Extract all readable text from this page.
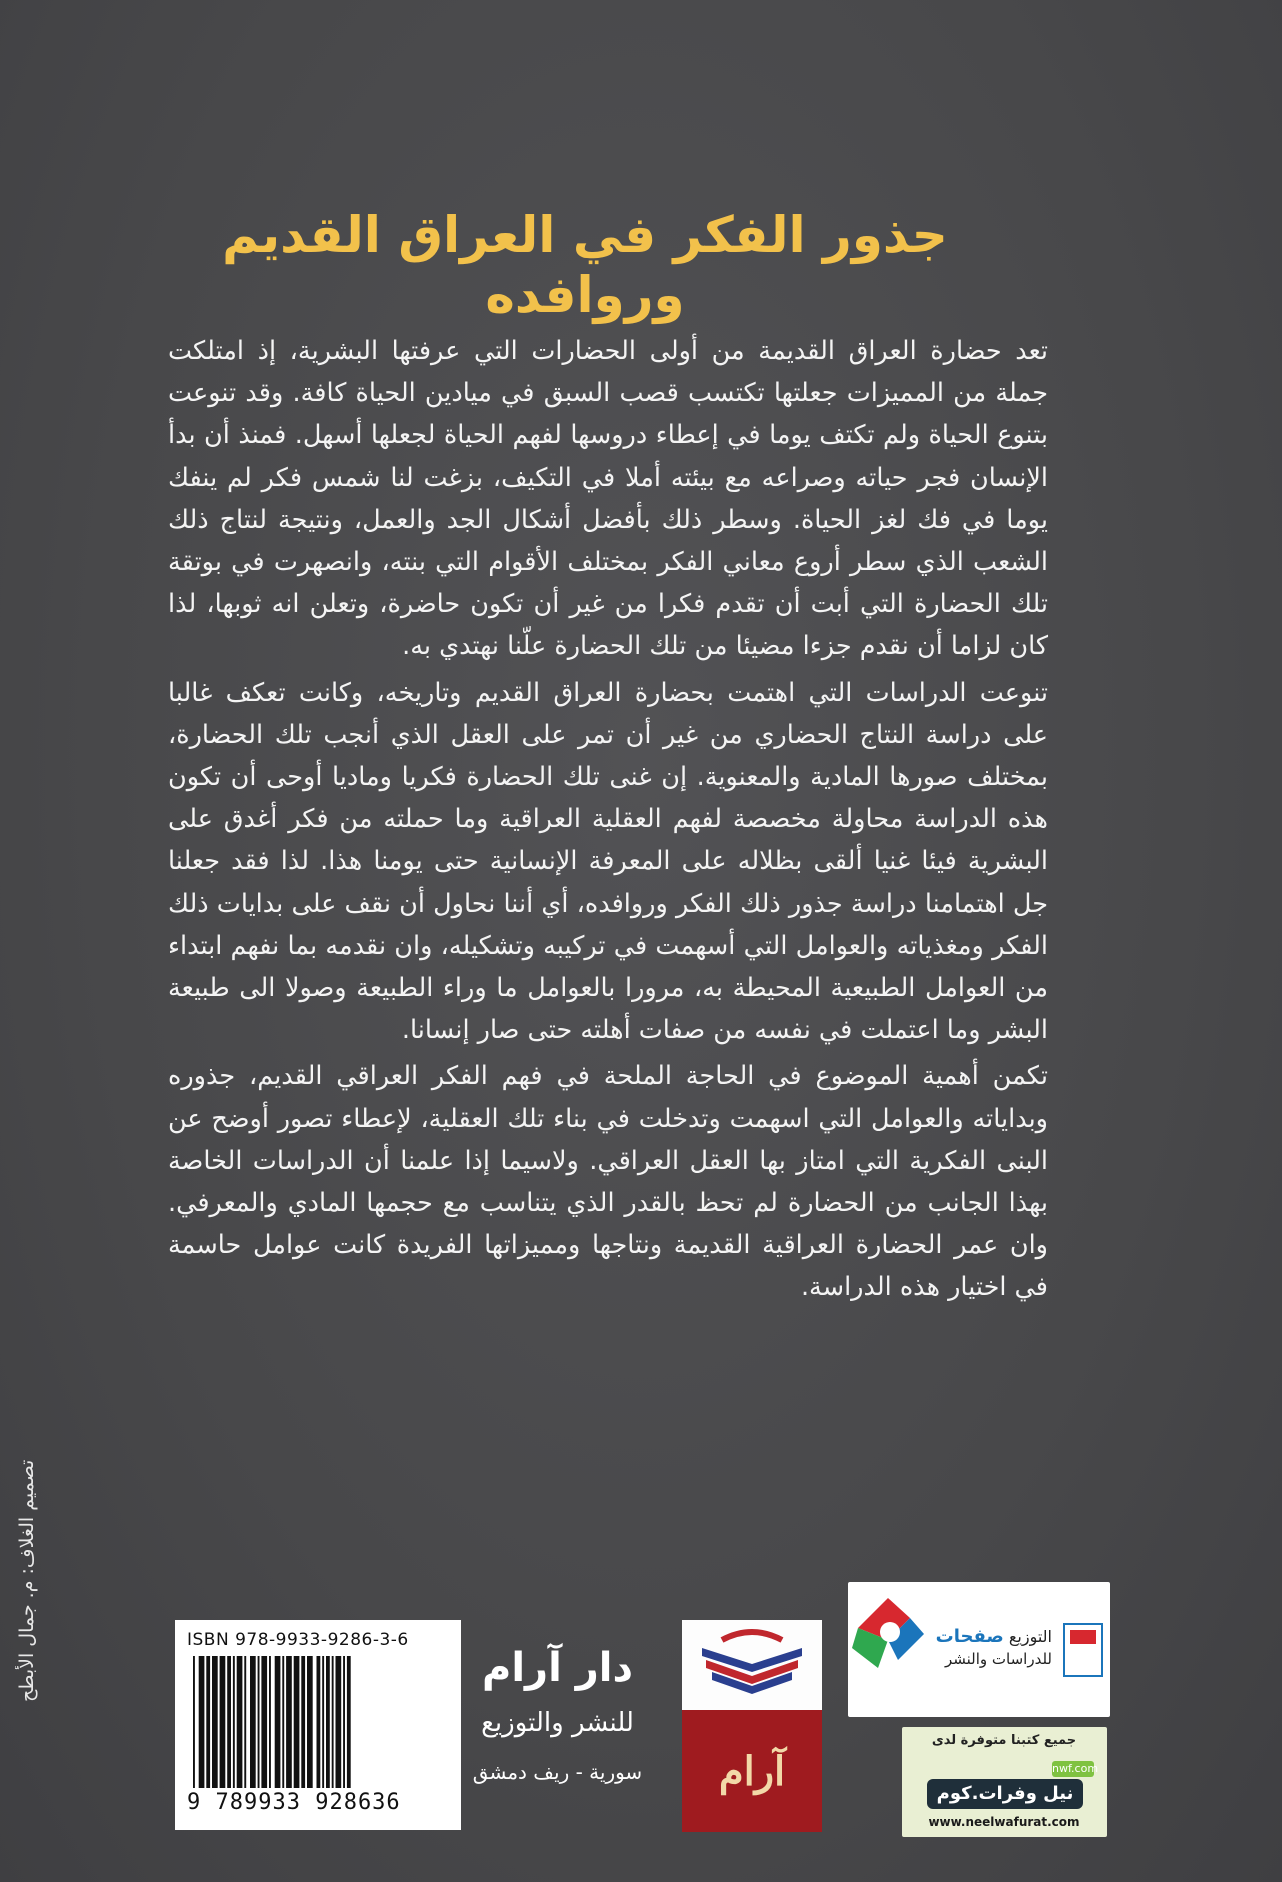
جذور الفكر في العراق القديم وروافده

تعد حضارة العراق القديمة من أولى الحضارات التي عرفتها البشرية، إذ امتلكت جملة من المميزات جعلتها تكتسب قصب السبق في ميادين الحياة كافة. وقد تنوعت بتنوع الحياة ولم تكتف يوما في إعطاء دروسها لفهم الحياة لجعلها أسهل. فمنذ أن بدأ الإنسان فجر حياته وصراعه مع بيئته أملا في التكيف، بزغت لنا شمس فكر لم ينفك يوما في فك لغز الحياة. وسطر ذلك بأفضل أشكال الجد والعمل، ونتيجة لنتاج ذلك الشعب الذي سطر أروع معاني الفكر بمختلف الأقوام التي بنته، وانصهرت في بوتقة تلك الحضارة التي أبت أن تقدم فكرا من غير أن تكون حاضرة، وتعلن انه ثوبها، لذا كان لزاما أن نقدم جزءا مضيئا من تلك الحضارة علّنا نهتدي به.

تنوعت الدراسات التي اهتمت بحضارة العراق القديم وتاريخه، وكانت تعكف غالبا على دراسة النتاج الحضاري من غير أن تمر على العقل الذي أنجب تلك الحضارة، بمختلف صورها المادية والمعنوية. إن غنى تلك الحضارة فكريا وماديا أوحى أن تكون هذه الدراسة محاولة مخصصة لفهم العقلية العراقية وما حملته من فكر أغدق على البشرية فيئا غنيا ألقى بظلاله على المعرفة الإنسانية حتى يومنا هذا. لذا فقد جعلنا جل اهتمامنا دراسة جذور ذلك الفكر وروافده، أي أننا نحاول أن نقف على بدايات ذلك الفكر ومغذياته والعوامل التي أسهمت في تركيبه وتشكيله، وان نقدمه بما نفهم ابتداء من العوامل الطبيعية المحيطة به، مرورا بالعوامل ما وراء الطبيعة وصولا الى طبيعة البشر وما اعتملت في نفسه من صفات أهلته حتى صار إنسانا.

تكمن أهمية الموضوع في الحاجة الملحة في فهم الفكر العراقي القديم، جذوره وبداياته والعوامل التي اسهمت وتدخلت في بناء تلك العقلية، لإعطاء تصور أوضح عن البنى الفكرية التي امتاز بها العقل العراقي. ولاسيما إذا علمنا أن الدراسات الخاصة بهذا الجانب من الحضارة لم تحظ بالقدر الذي يتناسب مع حجمها المادي والمعرفي. وان عمر الحضارة العراقية القديمة ونتاجها ومميزاتها الفريدة كانت عوامل حاسمة في اختيار هذه الدراسة.

تصميم الغلاف: م. جمال الأبطح	ISBN 978-9933-9286-3-6
9 789933 928636
دار آرام
للنشر والتوزيع
سورية - ريف دمشق	آرام
التوزيع صفحات
للدراسات والنشر
جميع كتبنا متوفرة لدى
nwf.com
نيل وفرات.كوم
www.neelwafurat.com
